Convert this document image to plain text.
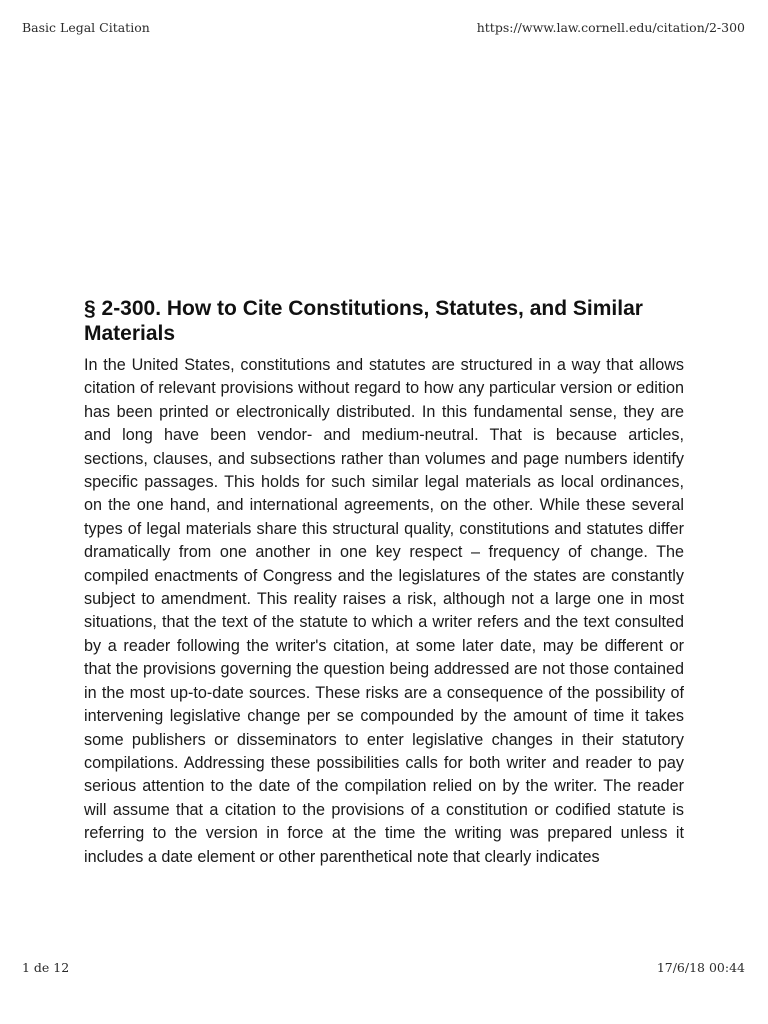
Basic Legal Citation	https://www.law.cornell.edu/citation/2-300
§ 2-300. How to Cite Constitutions, Statutes, and Similar Materials

In the United States, constitutions and statutes are structured in a way that allows citation of relevant provisions without regard to how any particular version or edition has been printed or electronically distributed. In this fundamental sense, they are and long have been vendor- and medium-neutral. That is because articles, sections, clauses, and subsections rather than volumes and page numbers identify specific passages. This holds for such similar legal materials as local ordinances, on the one hand, and international agreements, on the other. While these several types of legal materials share this structural quality, constitutions and statutes differ dramatically from one another in one key respect – frequency of change. The compiled enactments of Congress and the legislatures of the states are constantly subject to amendment. This reality raises a risk, although not a large one in most situations, that the text of the statute to which a writer refers and the text consulted by a reader following the writer's citation, at some later date, may be different or that the provisions governing the question being addressed are not those contained in the most up-to-date sources. These risks are a consequence of the possibility of intervening legislative change per se compounded by the amount of time it takes some publishers or disseminators to enter legislative changes in their statutory compilations. Addressing these possibilities calls for both writer and reader to pay serious attention to the date of the compilation relied on by the writer. The reader will assume that a citation to the provisions of a constitution or codified statute is referring to the version in force at the time the writing was prepared unless it includes a date element or other parenthetical note that clearly indicates

1 de 12	17/6/18 00:44
